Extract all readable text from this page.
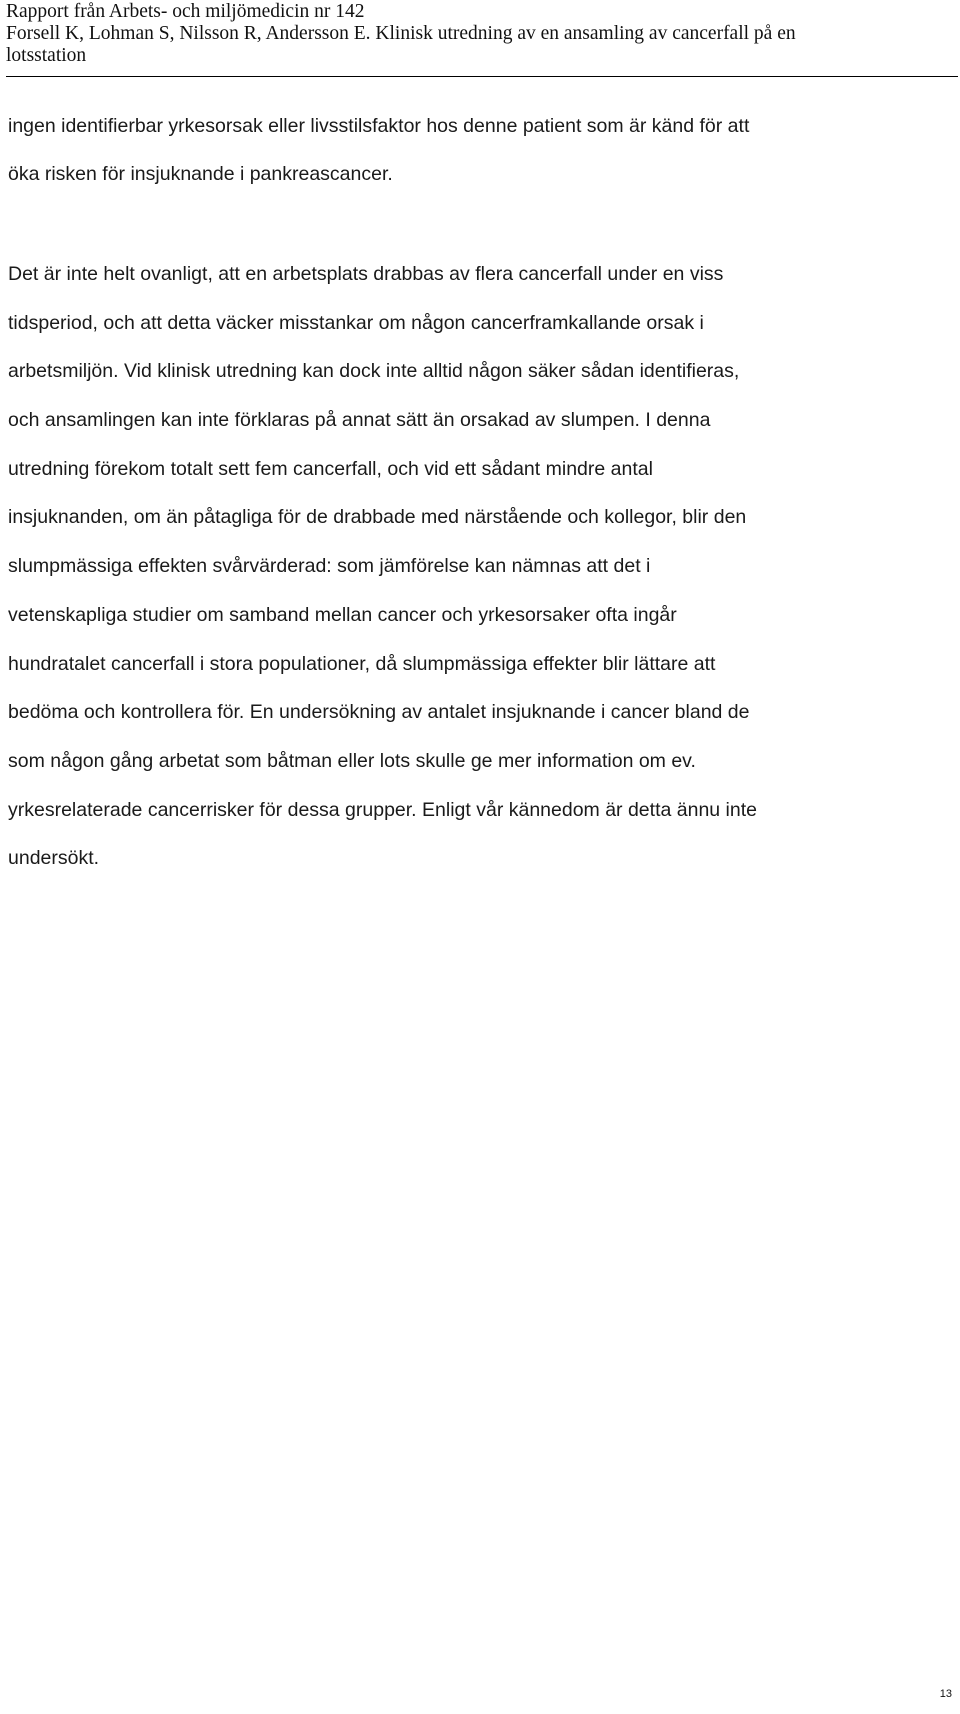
Rapport från Arbets- och miljömedicin nr 142
Forsell K, Lohman S, Nilsson R, Andersson E. Klinisk utredning av en ansamling av cancerfall på en
lotsstation
ingen identifierbar yrkesorsak eller livsstilsfaktor hos denne patient som är känd för att
öka risken för insjuknande i pankreascancer.
Det är inte helt ovanligt, att en arbetsplats drabbas av flera cancerfall under en viss
tidsperiod, och att detta väcker misstankar om någon cancerframkallande orsak i
arbetsmiljön. Vid klinisk utredning kan dock inte alltid någon säker sådan identifieras,
och ansamlingen kan inte förklaras på annat sätt än orsakad av slumpen. I denna
utredning förekom totalt sett fem cancerfall, och vid ett sådant mindre antal
insjuknanden, om än påtagliga för de drabbade med närstående och kollegor, blir den
slumpmässiga effekten svårvärderad: som jämförelse kan nämnas att det i
vetenskapliga studier om samband mellan cancer och yrkesorsaker ofta ingår
hundratalet cancerfall i stora populationer, då slumpmässiga effekter blir lättare att
bedöma och kontrollera för. En undersökning av antalet insjuknande i cancer bland de
som någon gång arbetat som båtman eller lots skulle ge mer information om ev.
yrkesrelaterade cancerrisker för dessa grupper. Enligt vår kännedom är detta ännu inte
undersökt.
13
